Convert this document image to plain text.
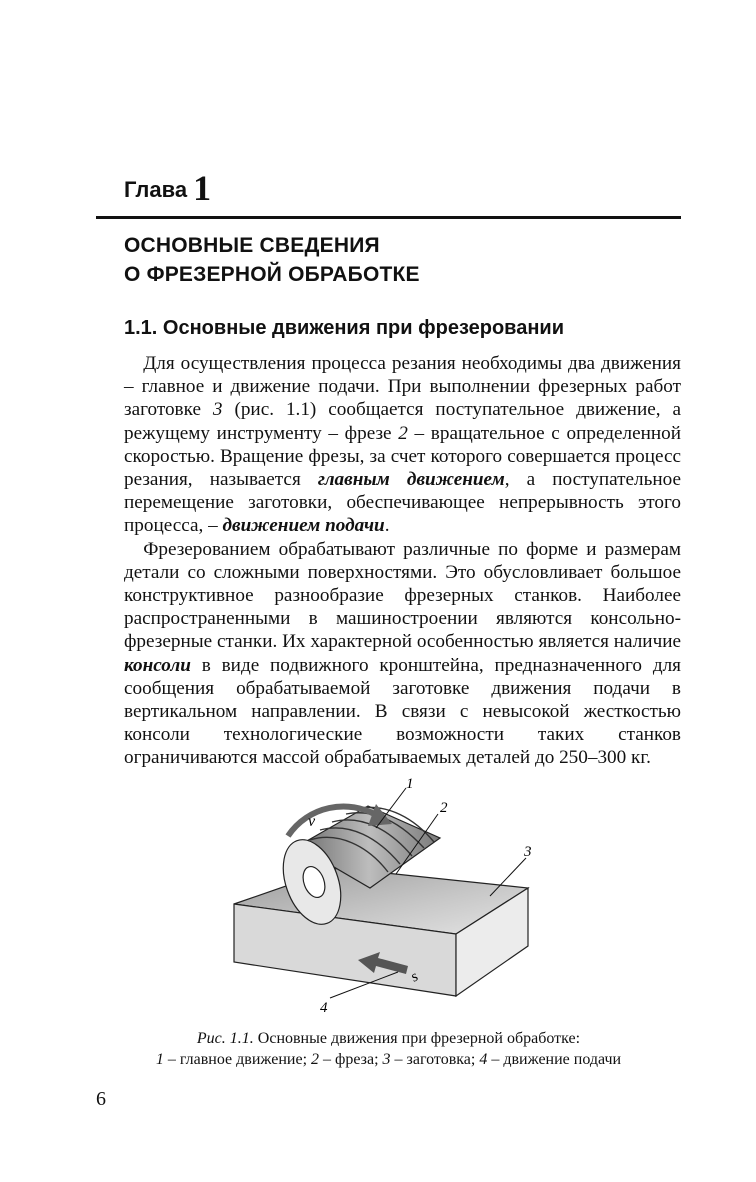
Глава 1
ОСНОВНЫЕ СВЕДЕНИЯ
О ФРЕЗЕРНОЙ ОБРАБОТКЕ
1.1. Основные движения при фрезеровании

 Для осуществления процесса резания необходимы два движения – главное и движение подачи. При выполнении фрезерных работ заготовке 3 (рис. 1.1) сообщается поступательное движение, а режущему инструменту – фрезе 2 – вращательное с определенной скоростью. Вращение фрезы, за счет которого совершается процесс резания, называется главным движением, а поступательное перемещение заготовки, обеспечивающее непрерывность этого процесса, – движением подачи.

 Фрезерованием обрабатывают различные по форме и размерам детали со сложными поверхностями. Это обусловливает большое конструктивное разнообразие фрезерных станков. Наиболее распространенными в машиностроении являются консольно-фрезерные станки. Их характерной особенностью является наличие консоли в виде подвижного кронштейна, предназначенного для сообщения обрабатываемой заготовке движения подачи в вертикальном направлении. В связи с невысокой жесткостью консоли технологические возможности таких станков ограничиваются массой обрабатываемых деталей до 250–300 кг.

v
s
1
2
3
4
Рис. 1.1. Основные движения при фрезерной обработке:
1 – главное движение; 2 – фреза; 3 – заготовка; 4 – движение подачи
6
